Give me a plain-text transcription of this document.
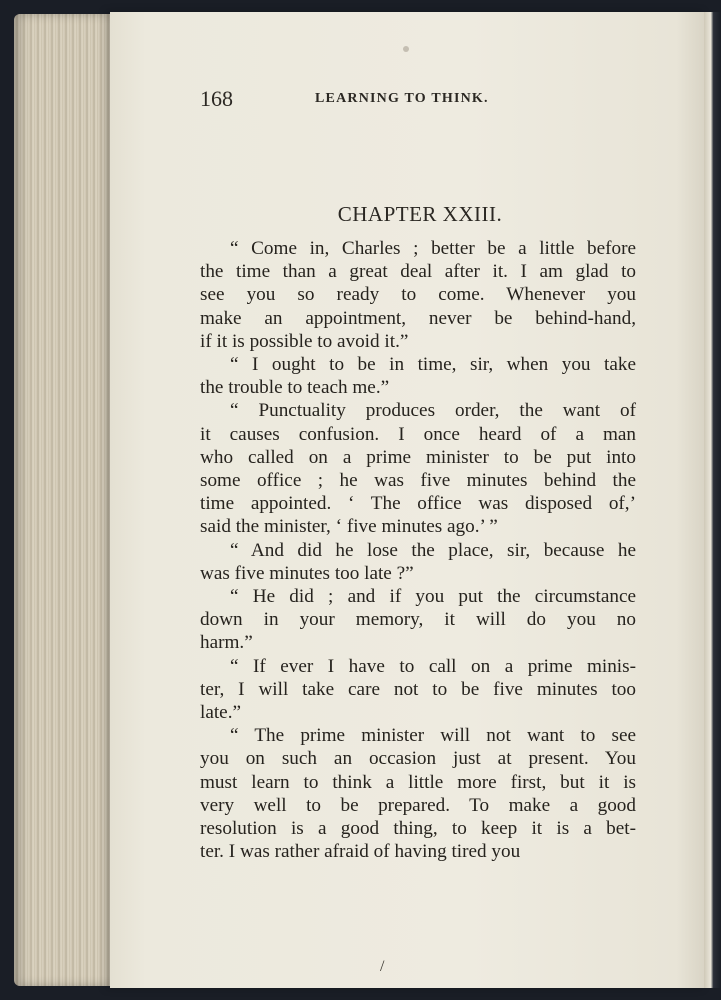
168	LEARNING TO THINK.
CHAPTER XXIII.

“ Come in, Charles ; better be a little before
the time than a great deal after it. I am glad to
see you so ready to come. Whenever you
make an appointment, never be behind-hand,
if it is possible to avoid it.”

“ I ought to be in time, sir, when you take
the trouble to teach me.”

“ Punctuality produces order, the want of
it causes confusion. I once heard of a man
who called on a prime minister to be put into
some office ; he was five minutes behind the
time appointed. ‘ The office was disposed of,’
said the minister, ‘ five minutes ago.’ ”

“ And did he lose the place, sir, because he
was five minutes too late ?”

“ He did ; and if you put the circumstance
down in your memory, it will do you no
harm.”

“ If ever I have to call on a prime minis-
ter, I will take care not to be five minutes too
late.”

“ The prime minister will not want to see
you on such an occasion just at present. You
must learn to think a little more first, but it is
very well to be prepared. To make a good
resolution is a good thing, to keep it is a bet-
ter. I was rather afraid of having tired you

/
